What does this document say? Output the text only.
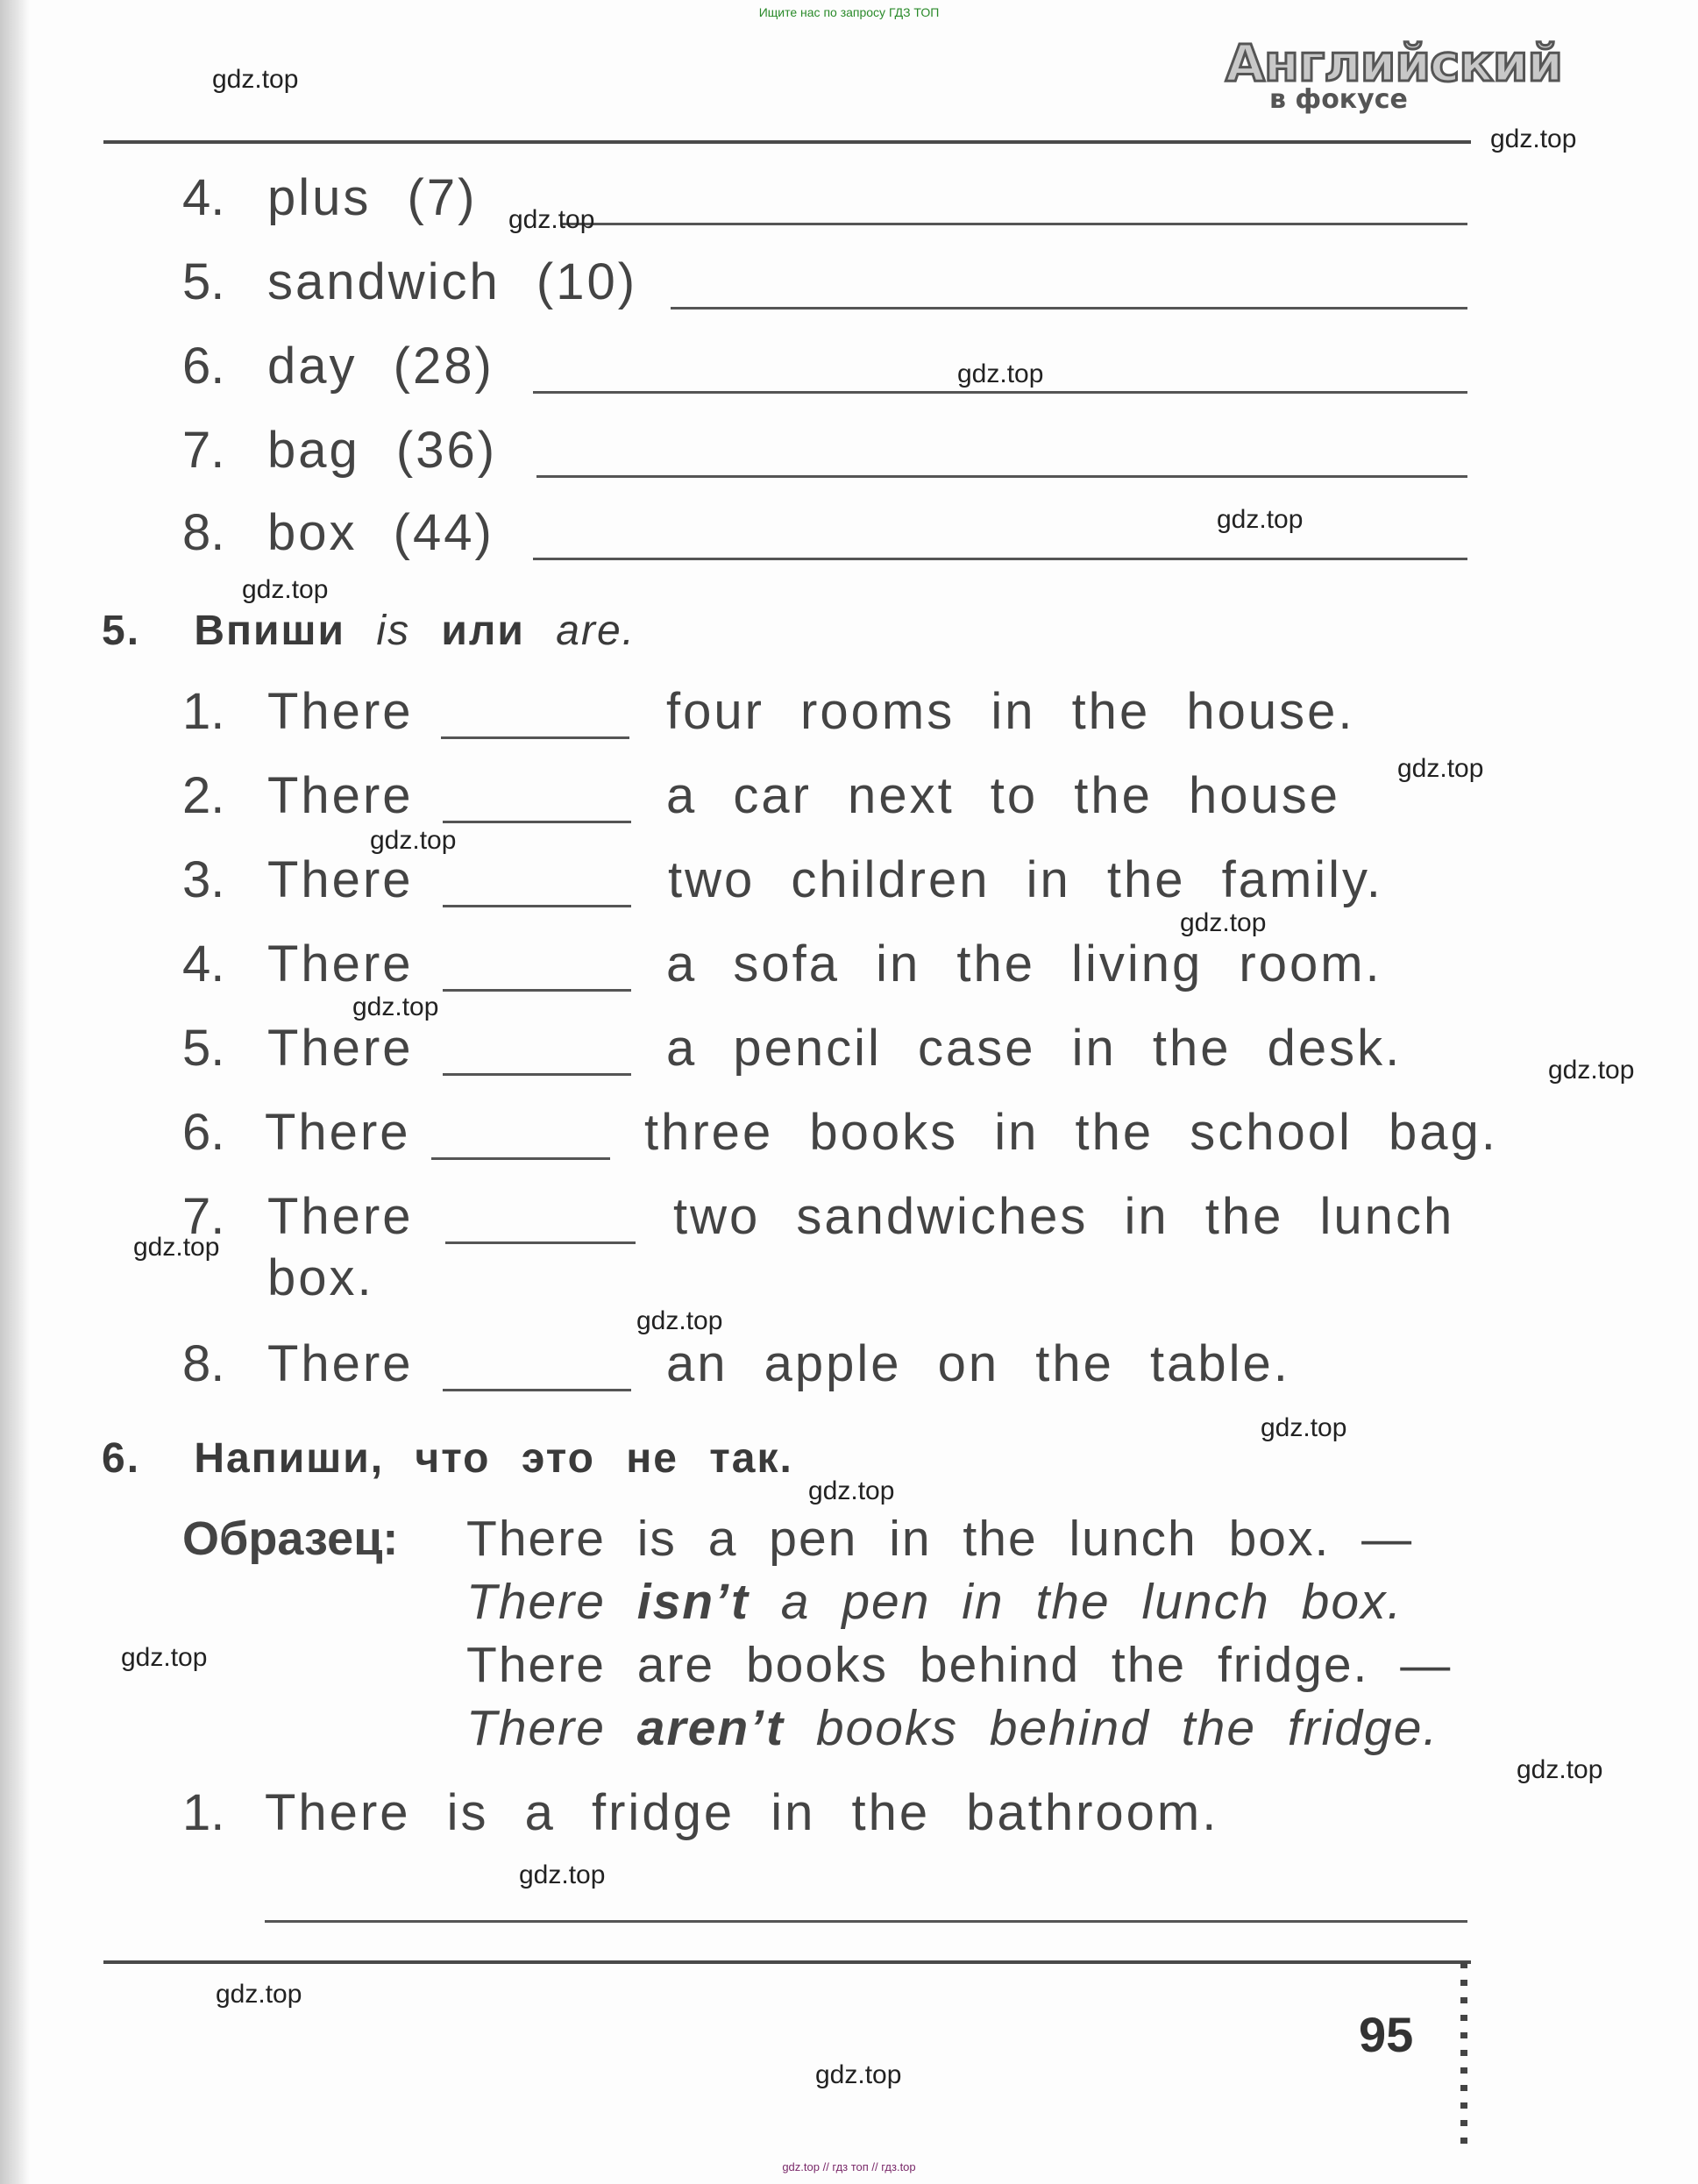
Ищите нас по запросу ГДЗ ТОП
Английский
в фокусе
4. plus (7)
5. sandwich (10)
6. day (28)
7. bag (36)
8. box (44)
5. Впиши is или are.
1. There	four rooms in the house.
2. There	a car next to the house
3. There	two children in the family.
4. There	a sofa in the living room.
5. There	a pencil case in the desk.
6. There	three books in the school bag.
7. There	two sandwiches in the lunch
box.
8. There	an apple on the table.
6. Напиши, что это не так.
Образец: There is a pen in the lunch box. —
There isn’t a pen in the lunch box.
There are books behind the fridge. —
There aren’t books behind the fridge.
1. There is a fridge in the bathroom.
95
gdz.top
gdz.top
gdz.top
gdz.top
gdz.top
gdz.top
gdz.top
gdz.top
gdz.top
gdz.top
gdz.top
gdz.top
gdz.top
gdz.top
gdz.top
gdz.top
gdz.top
gdz.top
gdz.top
gdz.top
gdz.top // гдз топ // гдз.top
